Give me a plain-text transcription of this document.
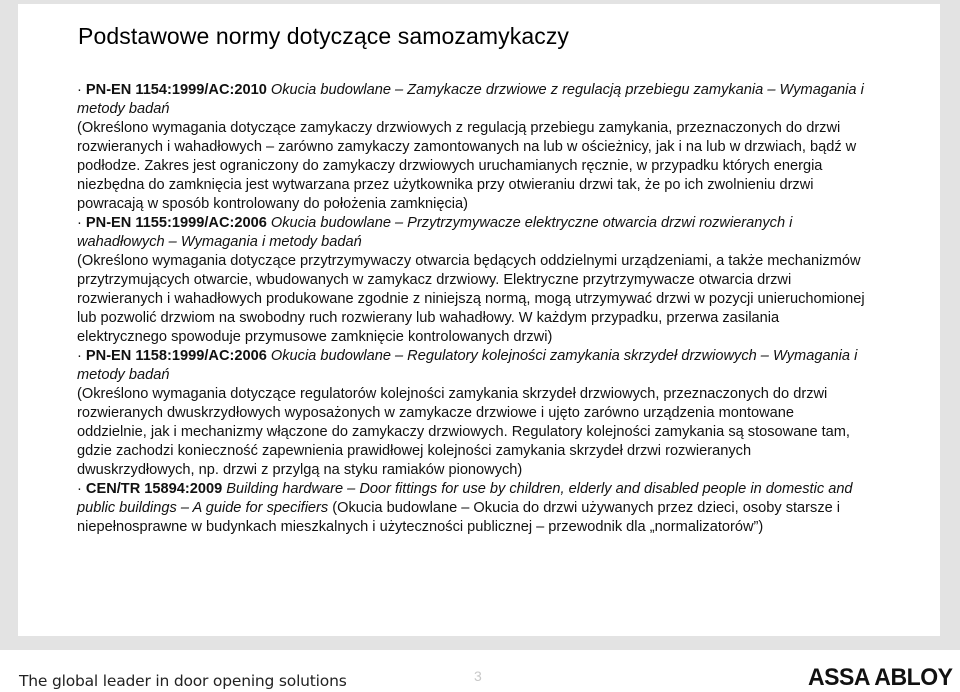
Podstawowe normy dotyczące samozamykaczy
· PN-EN 1154:1999/AC:2010 Okucia budowlane – Zamykacze drzwiowe z regulacją przebiegu zamykania – Wymagania i metody badań
(Określono wymagania dotyczące zamykaczy drzwiowych z regulacją przebiegu zamykania, przeznaczonych do drzwi rozwieranych i wahadłowych – zarówno zamykaczy zamontowanych na lub w ościeżnicy, jak i na lub w drzwiach, bądź w podłodze. Zakres jest ograniczony do zamykaczy drzwiowych uruchamianych ręcznie, w przypadku których energia niezbędna do zamknięcia jest wytwarzana przez użytkownika przy otwieraniu drzwi tak, że po ich zwolnieniu drzwi powracają w sposób kontrolowany do położenia zamknięcia)
· PN-EN 1155:1999/AC:2006 Okucia budowlane – Przytrzymywacze elektryczne otwarcia drzwi rozwieranych i wahadłowych – Wymagania i metody badań
(Określono wymagania dotyczące przytrzymywaczy otwarcia będących oddzielnymi urządzeniami, a także mechanizmów przytrzymujących otwarcie, wbudowanych w zamykacz drzwiowy. Elektryczne przytrzymywacze otwarcia drzwi rozwieranych i wahadłowych produkowane zgodnie z niniejszą normą, mogą utrzymywać drzwi w pozycji unieruchomionej lub pozwolić drzwiom na swobodny ruch rozwierany lub wahadłowy. W każdym przypadku, przerwa zasilania elektrycznego spowoduje przymusowe zamknięcie kontrolowanych drzwi)
· PN-EN 1158:1999/AC:2006 Okucia budowlane – Regulatory kolejności zamykania skrzydeł drzwiowych – Wymagania i metody badań
(Określono wymagania dotyczące regulatorów kolejności zamykania skrzydeł drzwiowych, przeznaczonych do drzwi rozwieranych dwuskrzydłowych wyposażonych w zamykacze drzwiowe i ujęto zarówno urządzenia montowane oddzielnie, jak i mechanizmy włączone do zamykaczy drzwiowych. Regulatory kolejności zamykania są stosowane tam, gdzie zachodzi konieczność zapewnienia prawidłowej kolejności zamykania skrzydeł drzwi rozwieranych dwuskrzydłowych, np. drzwi z przylgą na styku ramiaków pionowych)
· CEN/TR 15894:2009 Building hardware – Door fittings for use by children, elderly and disabled people in domestic and public buildings – A guide for specifiers (Okucia budowlane – Okucia do drzwi używanych przez dzieci, osoby starsze i niepełnosprawne w budynkach mieszkalnych i użyteczności publicznej – przewodnik dla „normalizatorów”)
The global leader in door opening solutions	3	ASSA ABLOY
